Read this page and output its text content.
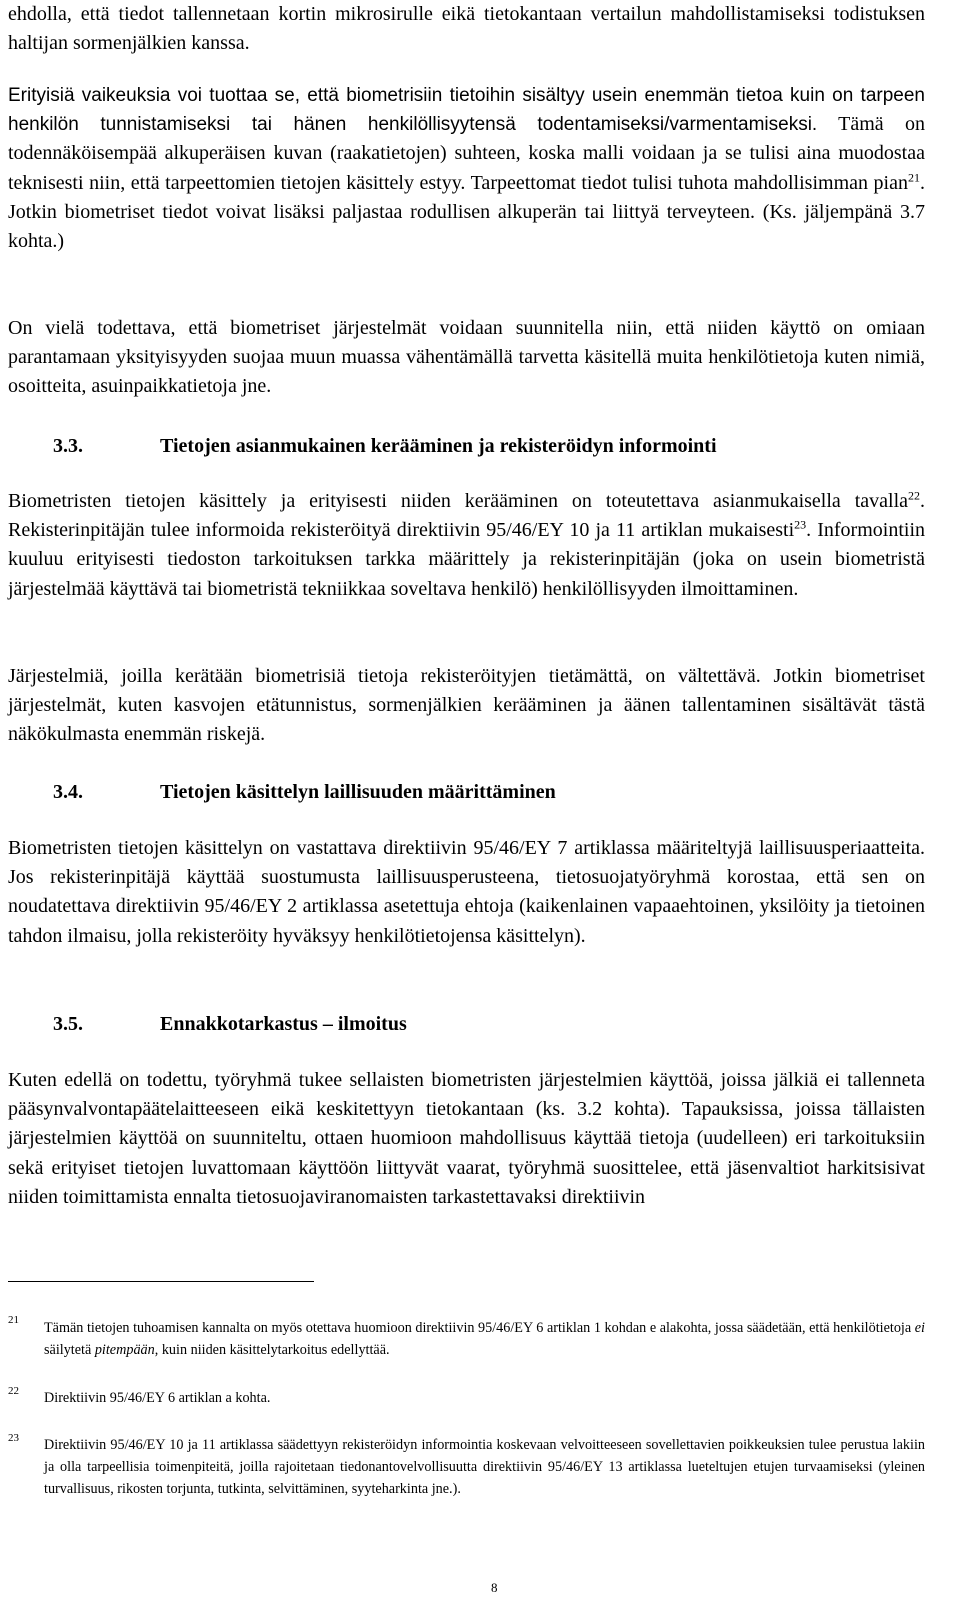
ehdolla, että tiedot tallennetaan kortin mikrosirulle eikä tietokantaan vertailun mahdollistamiseksi todistuksen haltijan sormenjälkien kanssa.

Erityisiä vaikeuksia voi tuottaa se, että biometrisiin tietoihin sisältyy usein enemmän tietoa kuin on tarpeen henkilön tunnistamiseksi tai hänen henkilöllisyytensä todentamiseksi/varmentamiseksi. Tämä on todennäköisempää alkuperäisen kuvan (raakatietojen) suhteen, koska malli voidaan ja se tulisi aina muodostaa teknisesti niin, että tarpeettomien tietojen käsittely estyy. Tarpeettomat tiedot tulisi tuhota mahdollisimman pian$^{21}$. Jotkin biometriset tiedot voivat lisäksi paljastaa rodullisen alkuperän tai liittyä terveyteen. (Ks. jäljempänä 3.7 kohta.)

On vielä todettava, että biometriset järjestelmät voidaan suunnitella niin, että niiden käyttö on omiaan parantamaan yksityisyyden suojaa muun muassa vähentämällä tarvetta käsitellä muita henkilötietoja kuten nimiä, osoitteita, asuinpaikkatietoja jne.

3.3.	Tietojen asianmukainen kerääminen ja rekisteröidyn informointi

Biometristen tietojen käsittely ja erityisesti niiden kerääminen on toteutettava asianmukaisella tavalla$^{22}$. Rekisterinpitäjän tulee informoida rekisteröityä direktiivin 95/46/EY 10 ja 11 artiklan mukaisesti$^{23}$. Informointiin kuuluu erityisesti tiedoston tarkoituksen tarkka määrittely ja rekisterinpitäjän (joka on usein biometristä järjestelmää käyttävä tai biometristä tekniikkaa soveltava henkilö) henkilöllisyyden ilmoittaminen.

Järjestelmiä, joilla kerätään biometrisiä tietoja rekisteröityjen tietämättä, on vältettävä. Jotkin biometriset järjestelmät, kuten kasvojen etätunnistus, sormenjälkien kerääminen ja äänen tallentaminen sisältävät tästä näkökulmasta enemmän riskejä.

3.4.	Tietojen käsittelyn laillisuuden määrittäminen

Biometristen tietojen käsittelyn on vastattava direktiivin 95/46/EY 7 artiklassa määriteltyjä laillisuusperiaatteita. Jos rekisterinpitäjä käyttää suostumusta laillisuusperusteena, tietosuojatyöryhmä korostaa, että sen on noudatettava direktiivin 95/46/EY 2 artiklassa asetettuja ehtoja (kaikenlainen vapaaehtoinen, yksilöity ja tietoinen tahdon ilmaisu, jolla rekisteröity hyväksyy henkilötietojensa käsittelyn).

3.5.	Ennakkotarkastus – ilmoitus

Kuten edellä on todettu, työryhmä tukee sellaisten biometristen järjestelmien käyttöä, joissa jälkiä ei tallenneta pääsynvalvontapäätelaitteeseen eikä keskitettyyn tietokantaan (ks. 3.2 kohta). Tapauksissa, joissa tällaisten järjestelmien käyttöä on suunniteltu, ottaen huomioon mahdollisuus käyttää tietoja (uudelleen) eri tarkoituksiin sekä erityiset tietojen luvattomaan käyttöön liittyvät vaarat, työryhmä suosittelee, että jäsenvaltiot harkitsisivat niiden toimittamista ennalta tietosuojaviranomaisten tarkastettavaksi direktiivin

21 Tämän tietojen tuhoamisen kannalta on myös otettava huomioon direktiivin 95/46/EY 6 artiklan 1 kohdan e alakohta, jossa säädetään, että henkilötietoja ei säilytetä pitempään, kuin niiden käsittelytarkoitus edellyttää.

22 Direktiivin 95/46/EY 6 artiklan a kohta.

23 Direktiivin 95/46/EY 10 ja 11 artiklassa säädettyyn rekisteröidyn informointia koskevaan velvoitteeseen sovellettavien poikkeuksien tulee perustua lakiin ja olla tarpeellisia toimenpiteitä, joilla rajoitetaan tiedonantovelvollisuutta direktiivin 95/46/EY 13 artiklassa lueteltujen etujen turvaamiseksi (yleinen turvallisuus, rikosten torjunta, tutkinta, selvittäminen, syyteharkinta jne.).

8
